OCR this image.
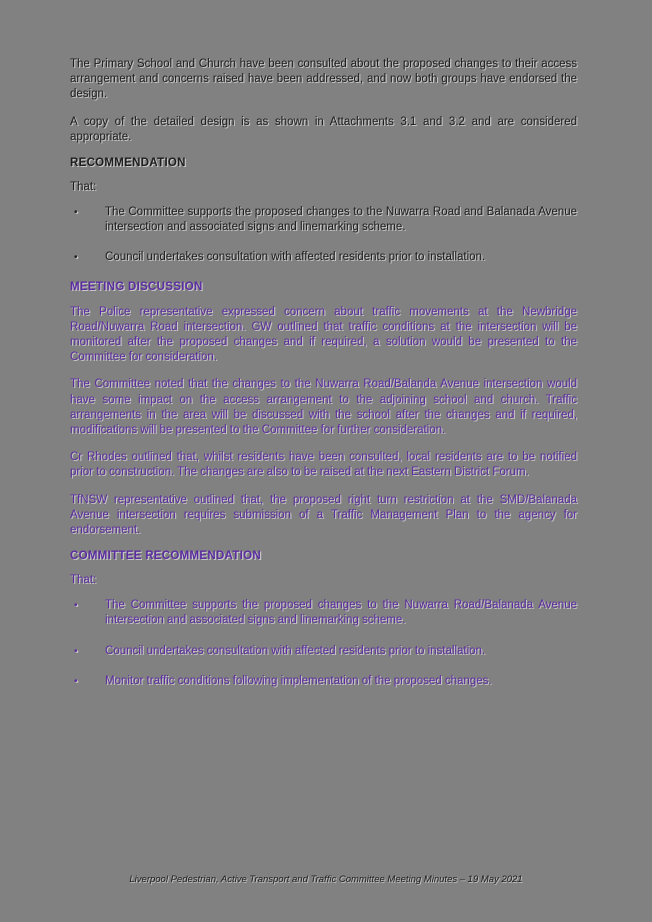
The Primary School and Church have been consulted about the proposed changes to their access arrangement and concerns raised have been addressed, and now both groups have endorsed the design.

A copy of the detailed design is as shown in Attachments 3.1 and 3.2 and are considered appropriate.

RECOMMENDATION

That:

•	The Committee supports the proposed changes to the Nuwarra Road and Balanada Avenue intersection and associated signs and linemarking scheme.
•	Council undertakes consultation with affected residents prior to installation.
MEETING DISCUSSION

The Police representative expressed concern about traffic movements at the Newbridge Road/Nuwarra Road intersection. GW outlined that traffic conditions at the intersection will be monitored after the proposed changes and if required, a solution would be presented to the Committee for consideration.

The Committee noted that the changes to the Nuwarra Road/Balanda Avenue intersection would have some impact on the access arrangement to the adjoining school and church. Traffic arrangements in the area will be discussed with the school after the changes and if required, modifications will be presented to the Committee for further consideration.

Cr Rhodes outlined that, whilst residents have been consulted, local residents are to be notified prior to construction. The changes are also to be raised at the next Eastern District Forum.

TfNSW representative outlined that, the proposed right turn restriction at the SMD/Balanada Avenue intersection requires submission of a Traffic Management Plan to the agency for endorsement.

COMMITTEE RECOMMENDATION

That:

•	The Committee supports the proposed changes to the Nuwarra Road/Balanada Avenue intersection and associated signs and linemarking scheme.
•	Council undertakes consultation with affected residents prior to installation.
•	Monitor traffic conditions following implementation of the proposed changes.
Liverpool Pedestrian, Active Transport and Traffic Committee Meeting Minutes – 19 May 2021
